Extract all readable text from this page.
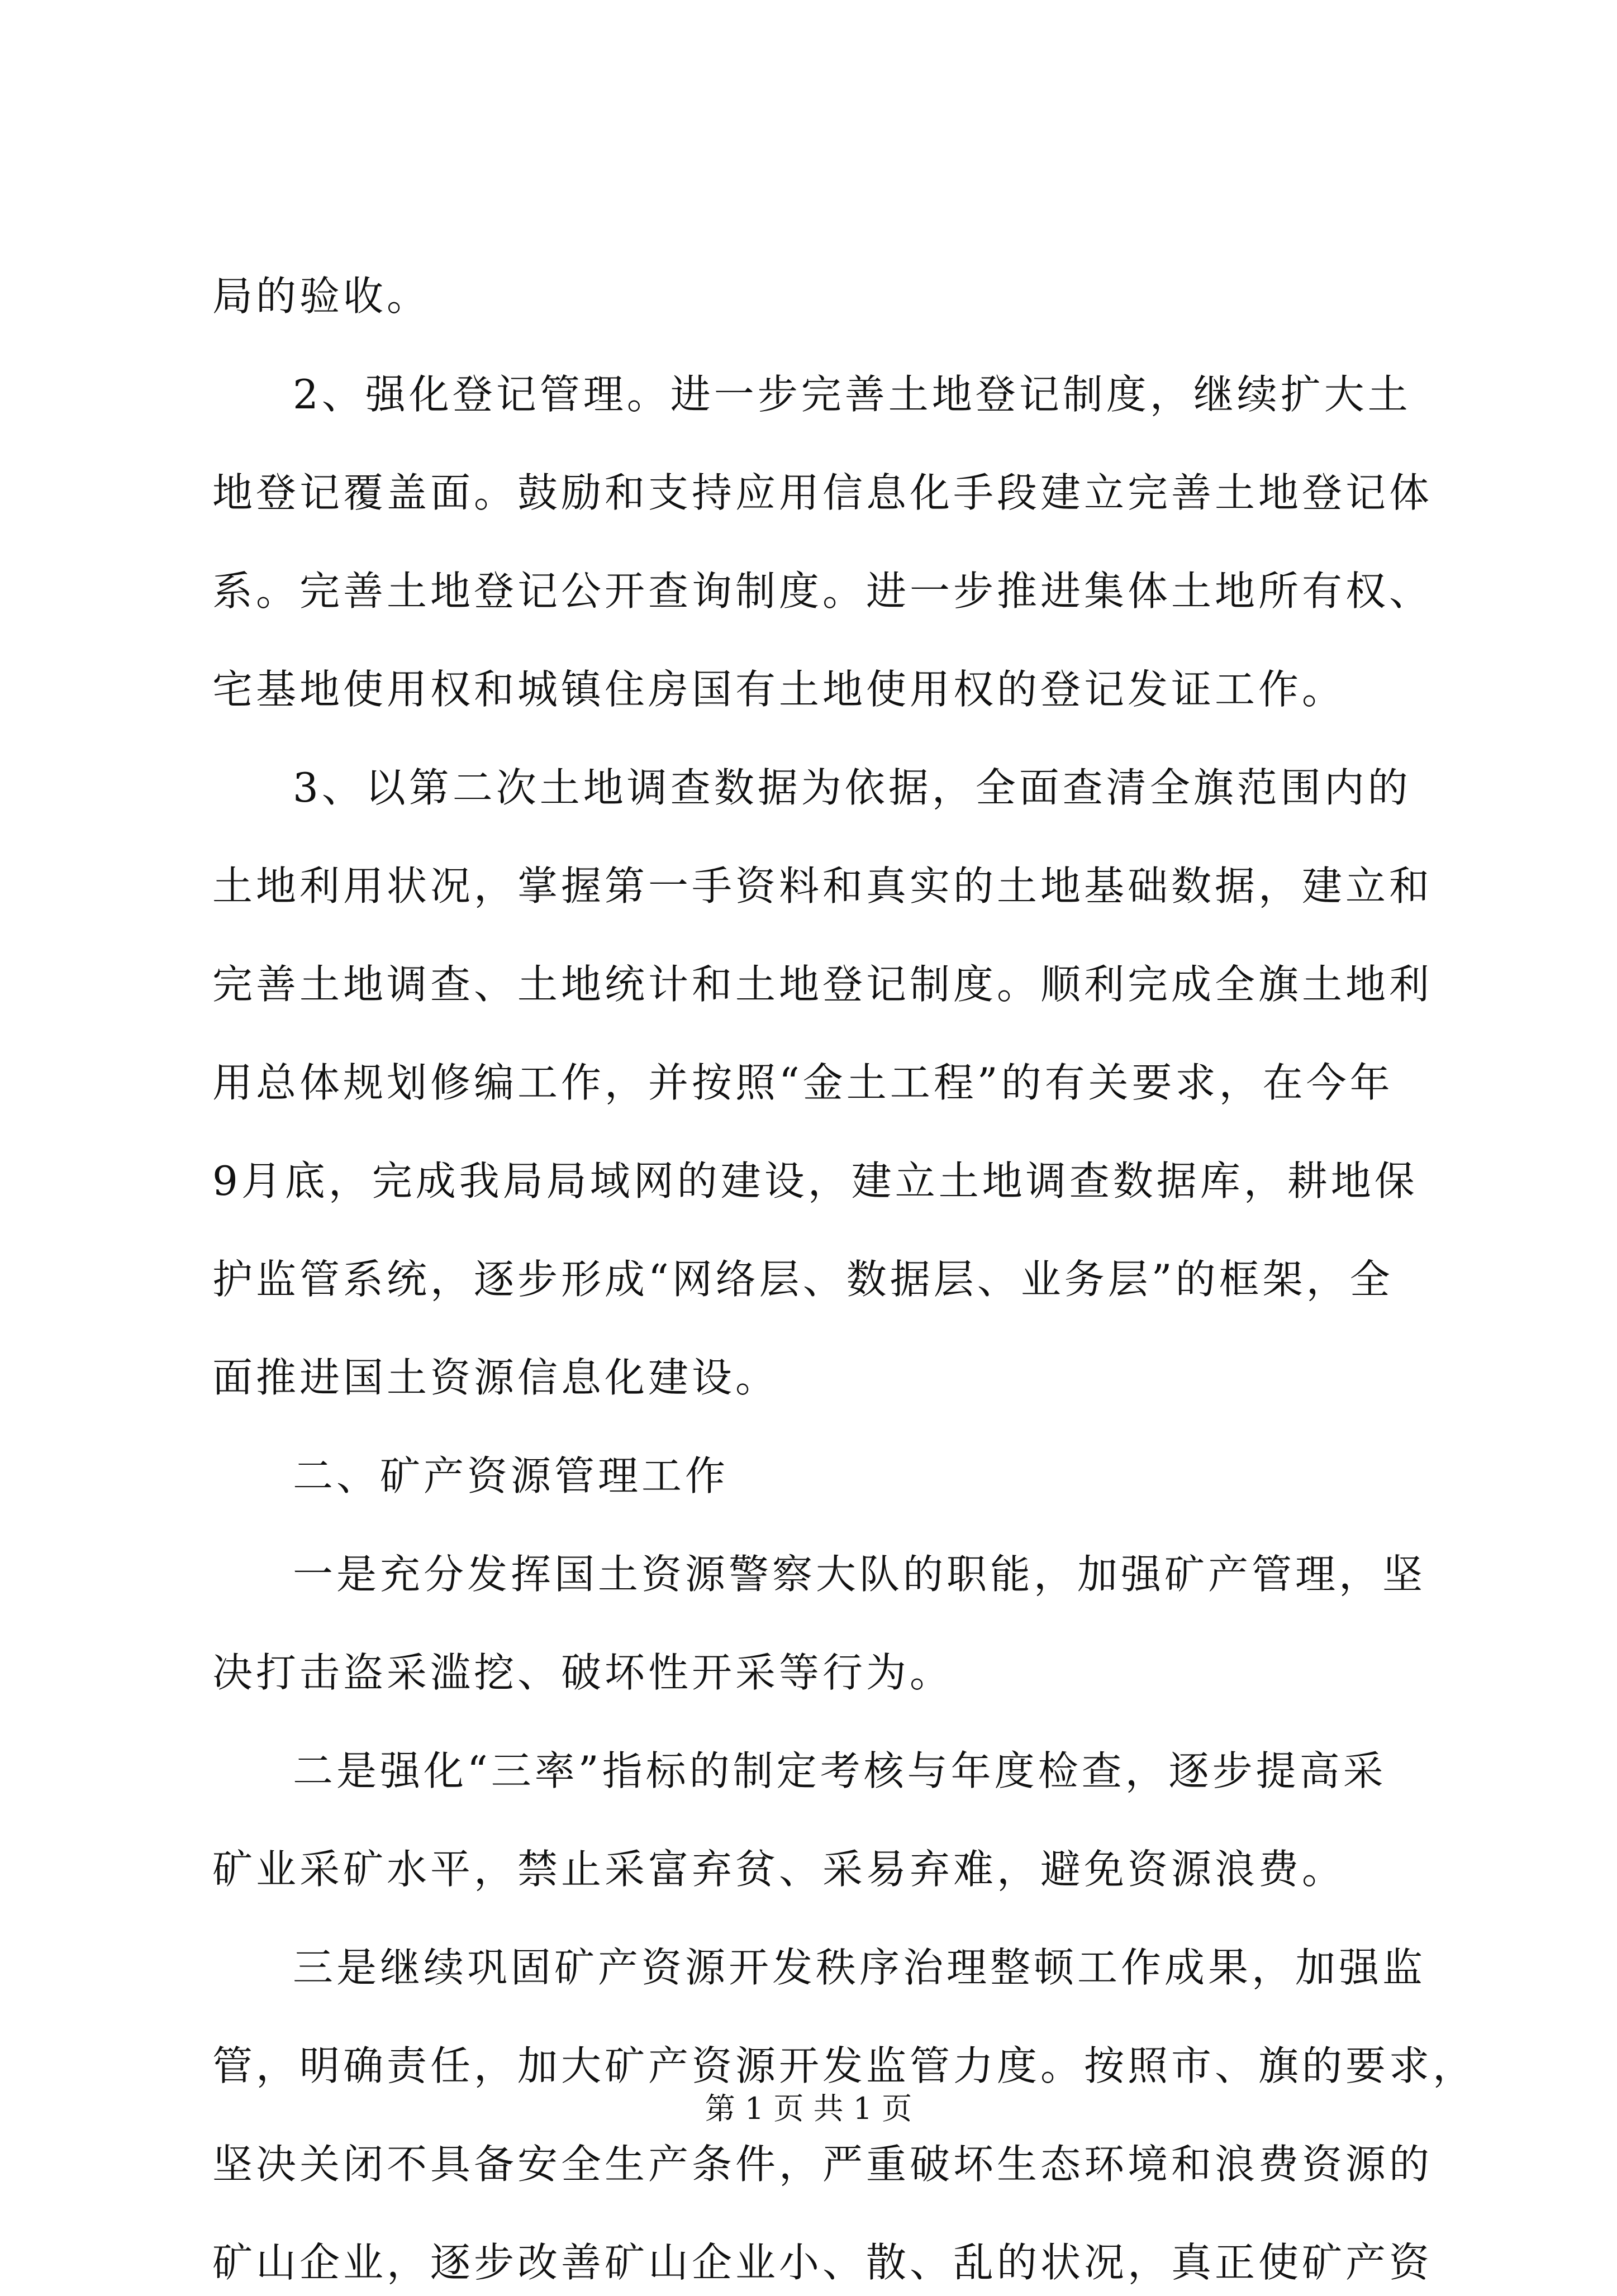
局的验收。
2、强化登记管理。进一步完善土地登记制度，继续扩大土
地登记覆盖面。鼓励和支持应用信息化手段建立完善土地登记体
系。完善土地登记公开查询制度。进一步推进集体土地所有权、
宅基地使用权和城镇住房国有土地使用权的登记发证工作。
3、以第二次土地调查数据为依据，全面查清全旗范围内的
土地利用状况，掌握第一手资料和真实的土地基础数据，建立和
完善土地调查、土地统计和土地登记制度。顺利完成全旗土地利
用总体规划修编工作，并按照“金土工程”的有关要求，在今年
9月底，完成我局局域网的建设，建立土地调查数据库，耕地保
护监管系统，逐步形成“网络层、数据层、业务层”的框架，全
面推进国土资源信息化建设。
二、矿产资源管理工作
一是充分发挥国土资源警察大队的职能，加强矿产管理，坚
决打击盗采滥挖、破坏性开采等行为。
二是强化“三率”指标的制定考核与年度检查，逐步提高采
矿业采矿水平，禁止采富弃贫、采易弃难，避免资源浪费。
三是继续巩固矿产资源开发秩序治理整顿工作成果，加强监
管，明确责任，加大矿产资源开发监管力度。按照市、旗的要求，
坚决关闭不具备安全生产条件，严重破坏生态环境和浪费资源的
矿山企业，逐步改善矿山企业小、散、乱的状况，真正使矿产资
第 1 页 共 1 页
